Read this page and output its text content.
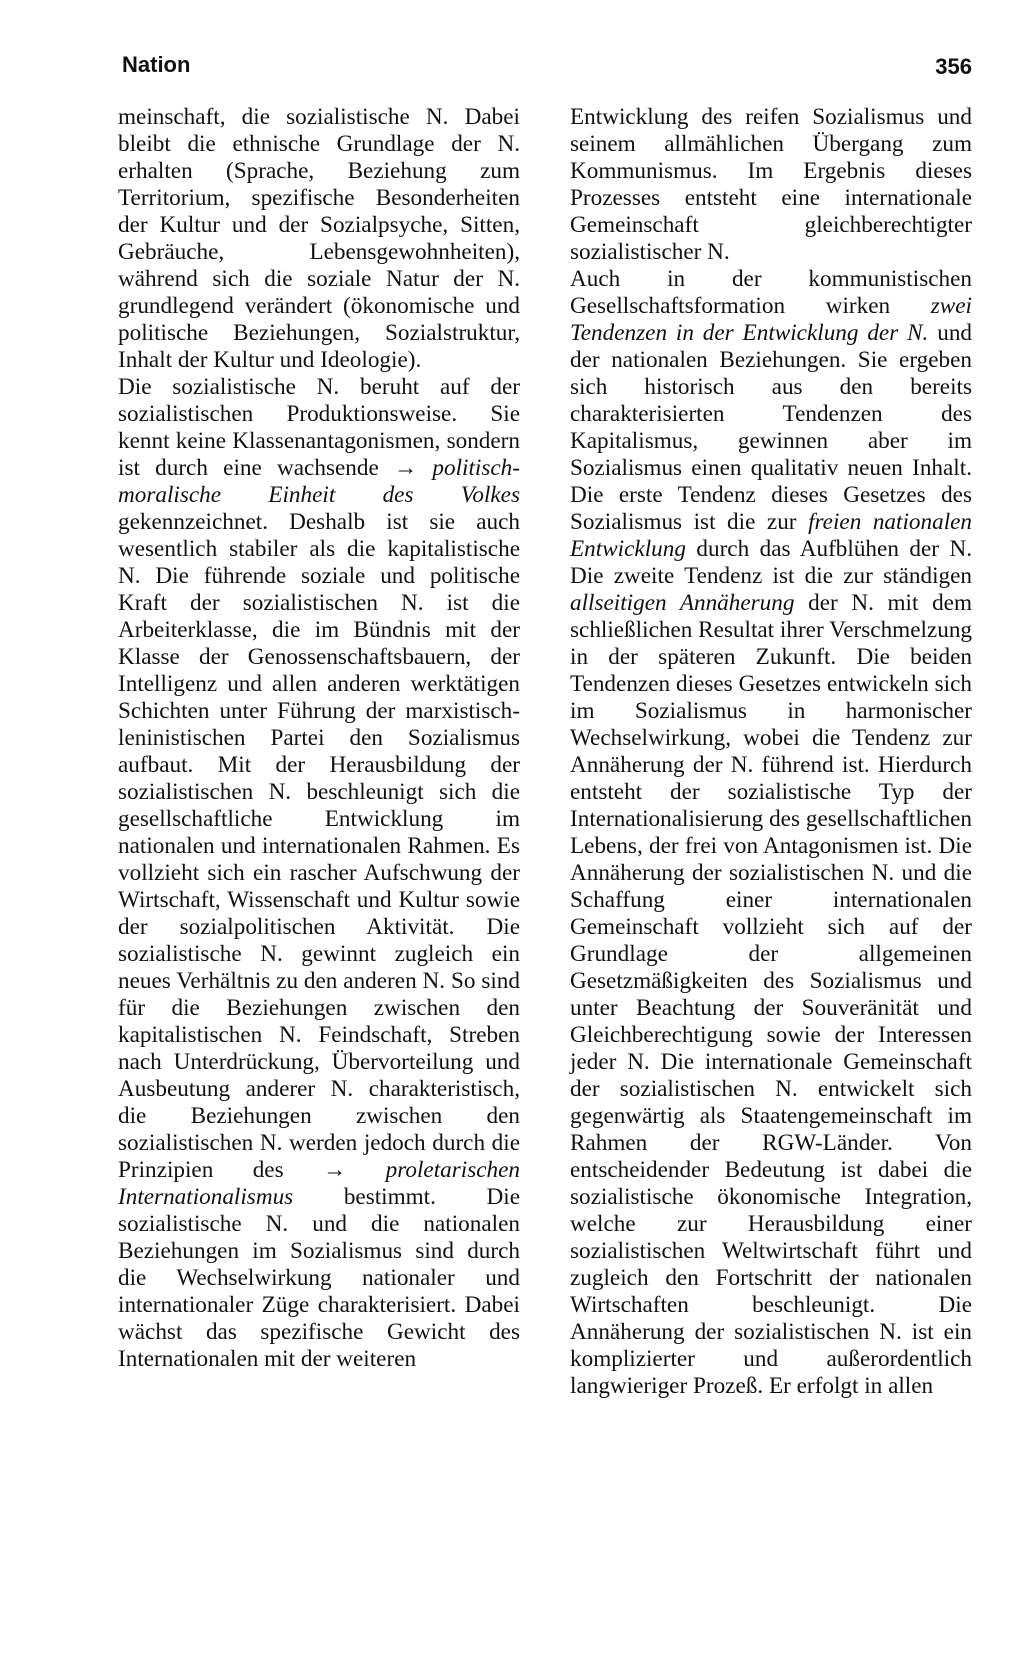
Nation	356

meinschaft, die sozialistische N. Dabei bleibt die ethnische Grundlage der N. erhalten (Sprache, Beziehung zum Territorium, spezifische Besonderheiten der Kultur und der Sozialpsyche, Sitten, Gebräuche, Lebensgewohnheiten), während sich die soziale Natur der N. grundlegend verändert (ökonomische und politische Beziehungen, Sozialstruktur, Inhalt der Kultur und Ideologie).

Die sozialistische N. beruht auf der sozialistischen Produktionsweise. Sie kennt keine Klassenantagonismen, sondern ist durch eine wachsende → politisch-moralische Einheit des Volkes gekennzeichnet. Deshalb ist sie auch wesentlich stabiler als die kapitalistische N. Die führende soziale und politische Kraft der sozialistischen N. ist die Arbeiterklasse, die im Bündnis mit der Klasse der Genossenschaftsbauern, der Intelligenz und allen anderen werktätigen Schichten unter Führung der marxistisch-leninistischen Partei den Sozialismus aufbaut. Mit der Herausbildung der sozialistischen N. beschleunigt sich die gesellschaftliche Entwicklung im nationalen und internationalen Rahmen. Es vollzieht sich ein rascher Aufschwung der Wirtschaft, Wissenschaft und Kultur sowie der sozialpolitischen Aktivität. Die sozialistische N. gewinnt zugleich ein neues Verhältnis zu den anderen N. So sind für die Beziehungen zwischen den kapitalistischen N. Feindschaft, Streben nach Unterdrückung, Übervorteilung und Ausbeutung anderer N. charakteristisch, die Beziehungen zwischen den sozialistischen N. werden jedoch durch die Prinzipien des → proletarischen Internationalismus bestimmt. Die sozialistische N. und die nationalen Beziehungen im Sozialismus sind durch die Wechselwirkung nationaler und internationaler Züge charakterisiert. Dabei wächst das spezifische Gewicht des Internationalen mit der weiteren

Entwicklung des reifen Sozialismus und seinem allmählichen Übergang zum Kommunismus. Im Ergebnis dieses Prozesses entsteht eine internationale Gemeinschaft gleichberechtigter sozialistischer N.

Auch in der kommunistischen Gesellschaftsformation wirken zwei Tendenzen in der Entwicklung der N. und der nationalen Beziehungen. Sie ergeben sich historisch aus den bereits charakterisierten Tendenzen des Kapitalismus, gewinnen aber im Sozialismus einen qualitativ neuen Inhalt. Die erste Tendenz dieses Gesetzes des Sozialismus ist die zur freien nationalen Entwicklung durch das Aufblühen der N. Die zweite Tendenz ist die zur ständigen allseitigen Annäherung der N. mit dem schließlichen Resultat ihrer Verschmelzung in der späteren Zukunft. Die beiden Tendenzen dieses Gesetzes entwickeln sich im Sozialismus in harmonischer Wechselwirkung, wobei die Tendenz zur Annäherung der N. führend ist. Hierdurch entsteht der sozialistische Typ der Internationalisierung des gesellschaftlichen Lebens, der frei von Antagonismen ist. Die Annäherung der sozialistischen N. und die Schaffung einer internationalen Gemeinschaft vollzieht sich auf der Grundlage der allgemeinen Gesetzmäßigkeiten des Sozialismus und unter Beachtung der Souveränität und Gleichberechtigung sowie der Interessen jeder N. Die internationale Gemeinschaft der sozialistischen N. entwickelt sich gegenwärtig als Staatengemeinschaft im Rahmen der RGW-Länder. Von entscheidender Bedeutung ist dabei die sozialistische ökonomische Integration, welche zur Herausbildung einer sozialistischen Weltwirtschaft führt und zugleich den Fortschritt der nationalen Wirtschaften beschleunigt. Die Annäherung der sozialistischen N. ist ein komplizierter und außerordentlich langwieriger Prozeß. Er erfolgt in allen
